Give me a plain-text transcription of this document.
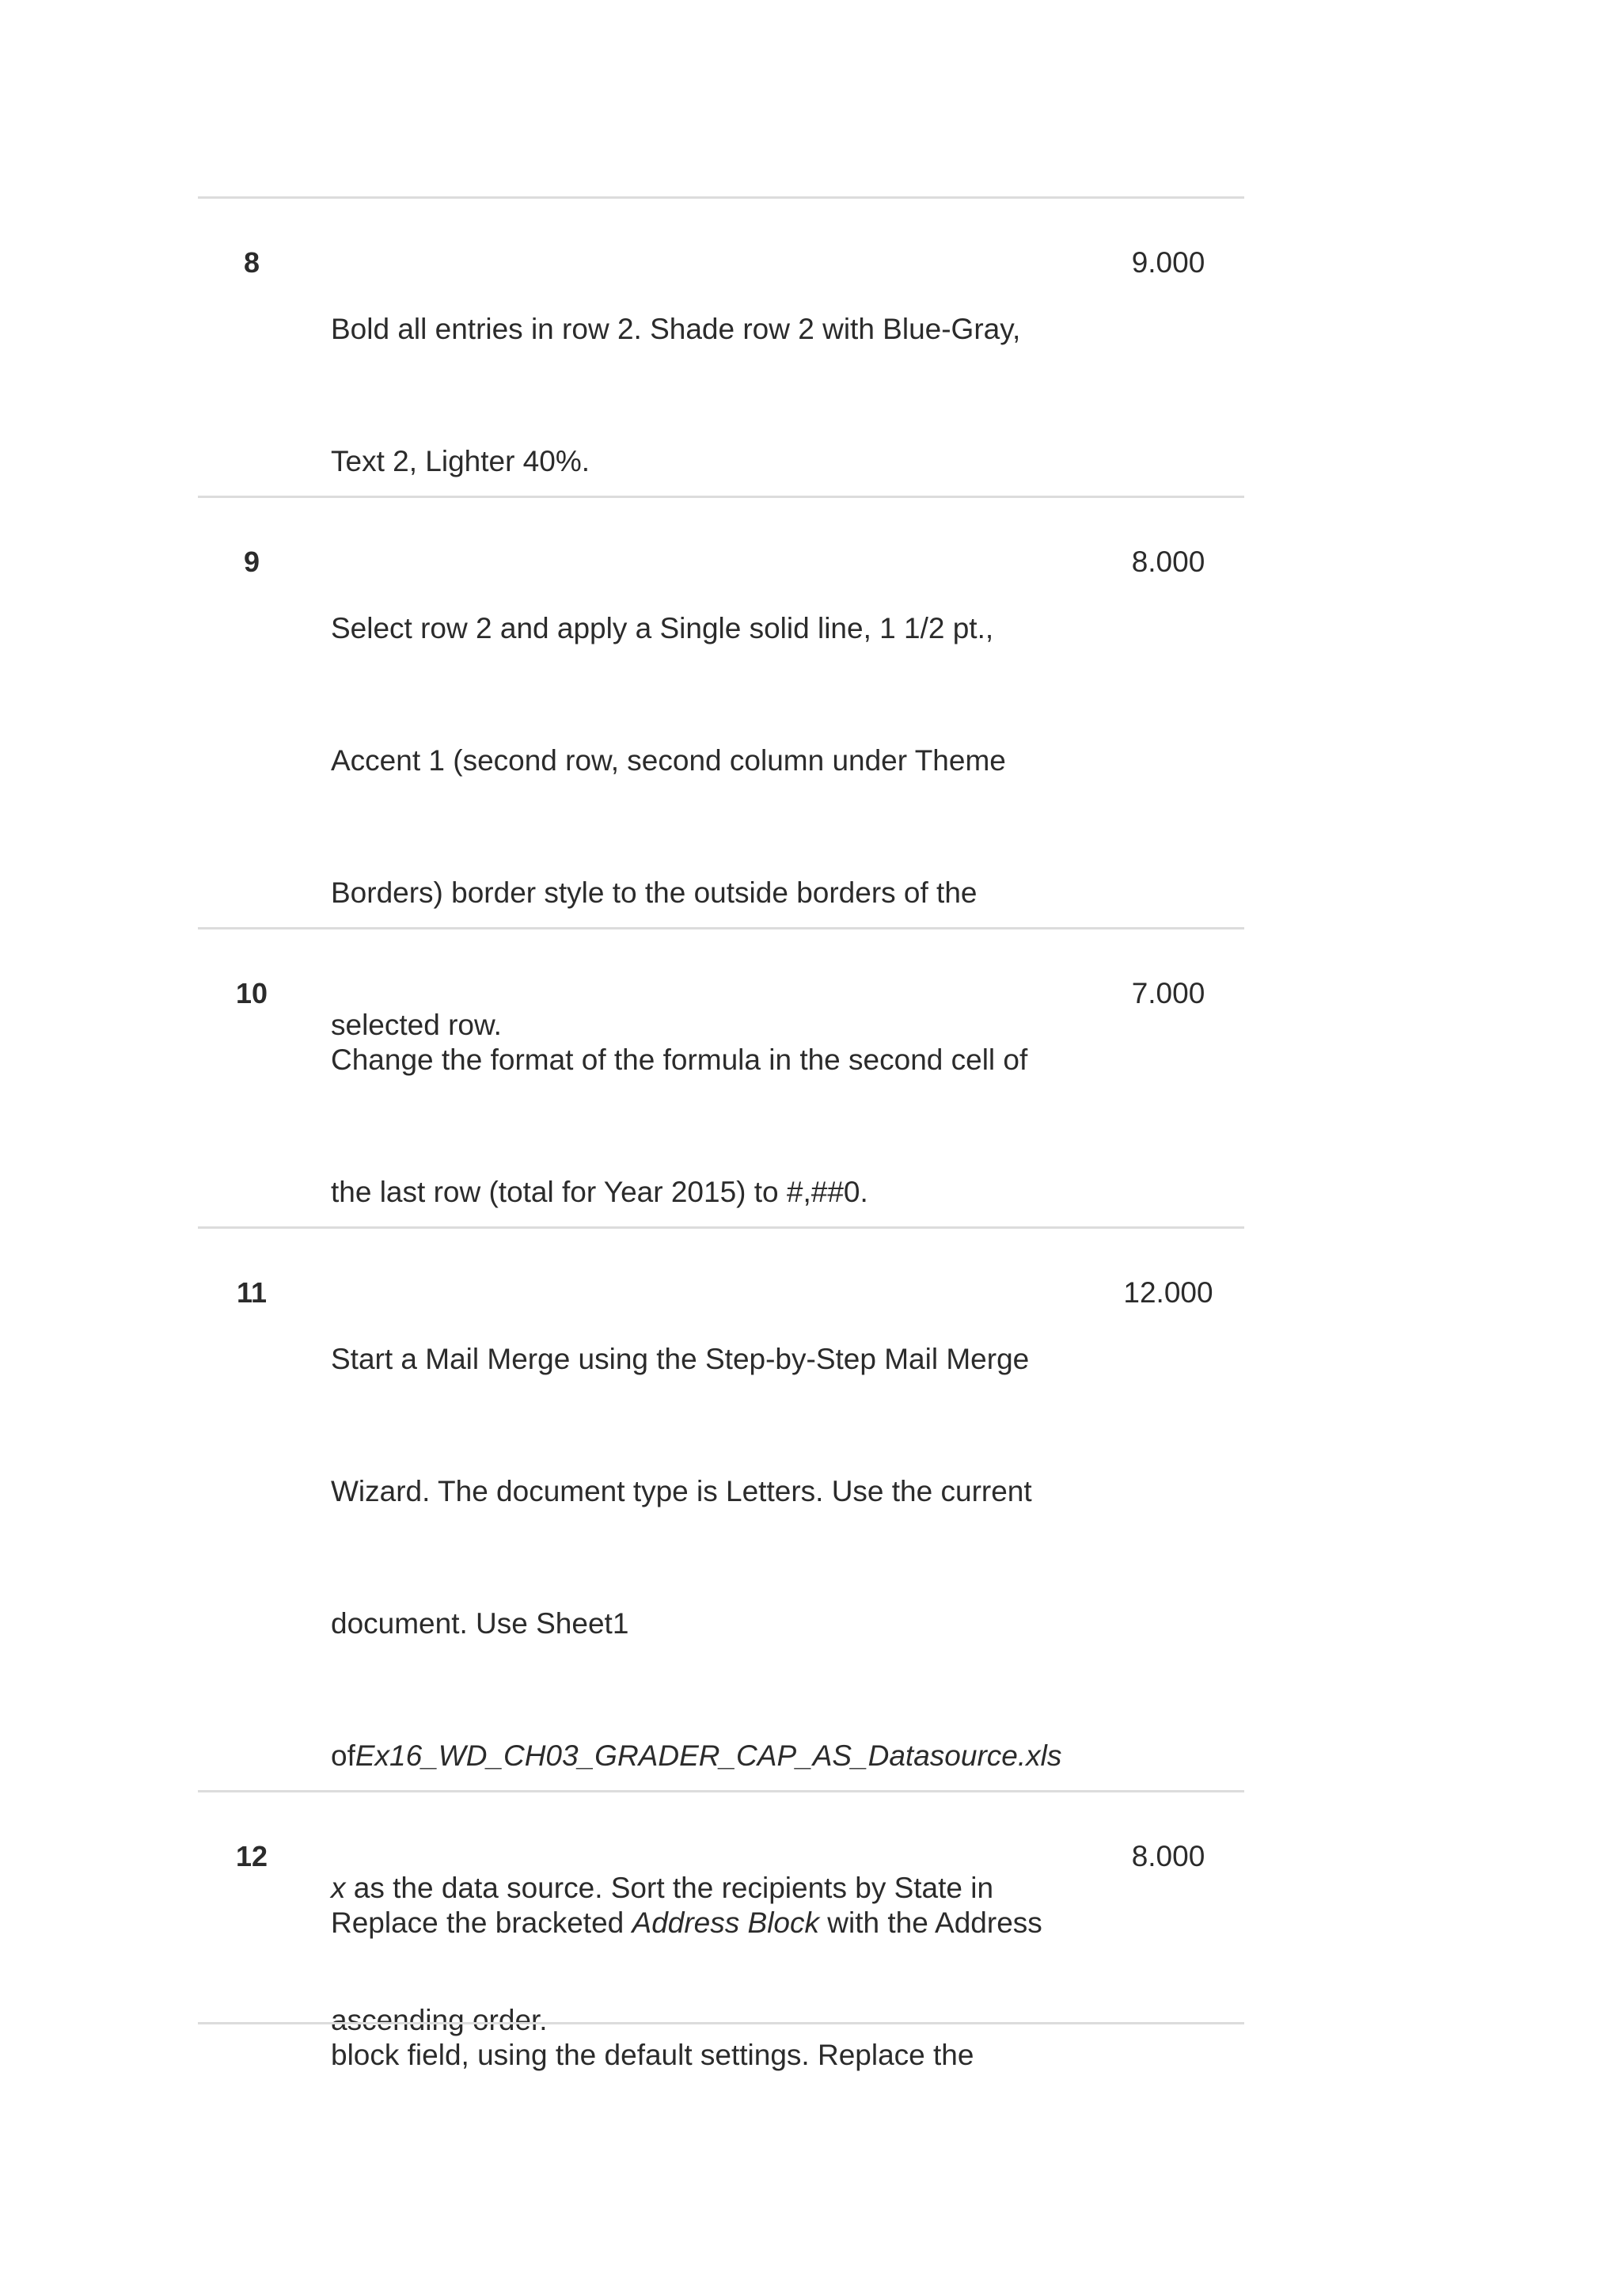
8

Bold all entries in row 2. Shade row 2 with Blue-Gray,

Text 2, Lighter 40%.

9.000
9

Select row 2 and apply a Single solid line, 1 1/2 pt.,

Accent 1 (second row, second column under Theme

Borders) border style to the outside borders of the

selected row.

8.000
10

Change the format of the formula in the second cell of

the last row (total for Year 2015) to #,##0.

7.000
11

Start a Mail Merge using the Step-by-Step Mail Merge

Wizard. The document type is Letters. Use the current

document. Use Sheet1

ofEx16_WD_CH03_GRADER_CAP_AS_Datasource.xls

x as the data source. Sort the recipients by State in

ascending order.

12.000
12

Replace the bracketed Address Block with the Address

block field, using the default settings. Replace the

8.000
